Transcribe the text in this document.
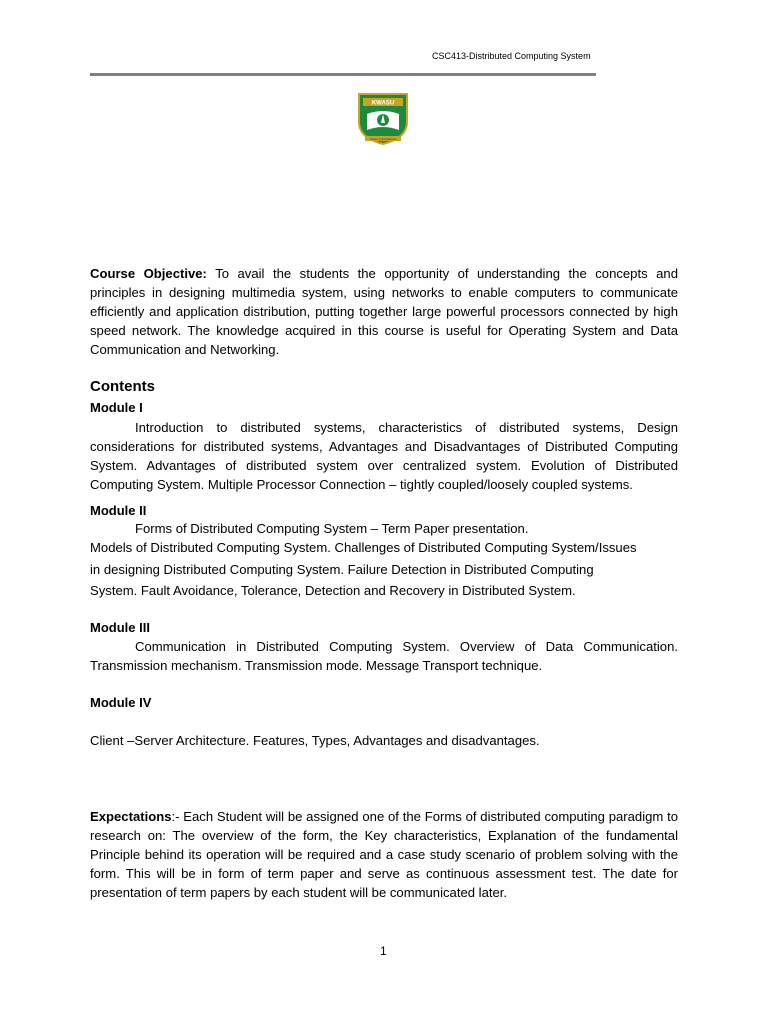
CSC413-Distributed Computing System
KWASU
Vision & Excellence
Course Objective: To avail the students the opportunity of understanding the concepts and principles in designing multimedia system, using networks to enable computers to communicate efficiently and application distribution, putting together large powerful processors connected by high speed network. The knowledge acquired in this course is useful for Operating System and Data Communication and Networking.
Contents
Module I
Introduction to distributed systems, characteristics of distributed systems, Design considerations for distributed systems, Advantages and Disadvantages of Distributed Computing System. Advantages of distributed system over centralized system. Evolution of Distributed Computing System. Multiple Processor Connection – tightly coupled/loosely coupled systems.
Module II
Forms of Distributed Computing System – Term Paper presentation.
Models of Distributed Computing System. Challenges of Distributed Computing System/Issues
in designing Distributed Computing System. Failure Detection in Distributed Computing
System. Fault Avoidance, Tolerance, Detection and Recovery in Distributed System.
Module III
Communication in Distributed Computing System. Overview of Data Communication. Transmission mechanism. Transmission mode. Message Transport technique.
Module IV
Client –Server Architecture. Features, Types, Advantages and disadvantages.
Expectations:- Each Student will be assigned one of the Forms of distributed computing paradigm to research on: The overview of the form, the Key characteristics, Explanation of the fundamental Principle behind its operation will be required and a case study scenario of problem solving with the form. This will be in form of term paper and serve as continuous assessment test. The date for presentation of term papers by each student will be communicated later.
1
